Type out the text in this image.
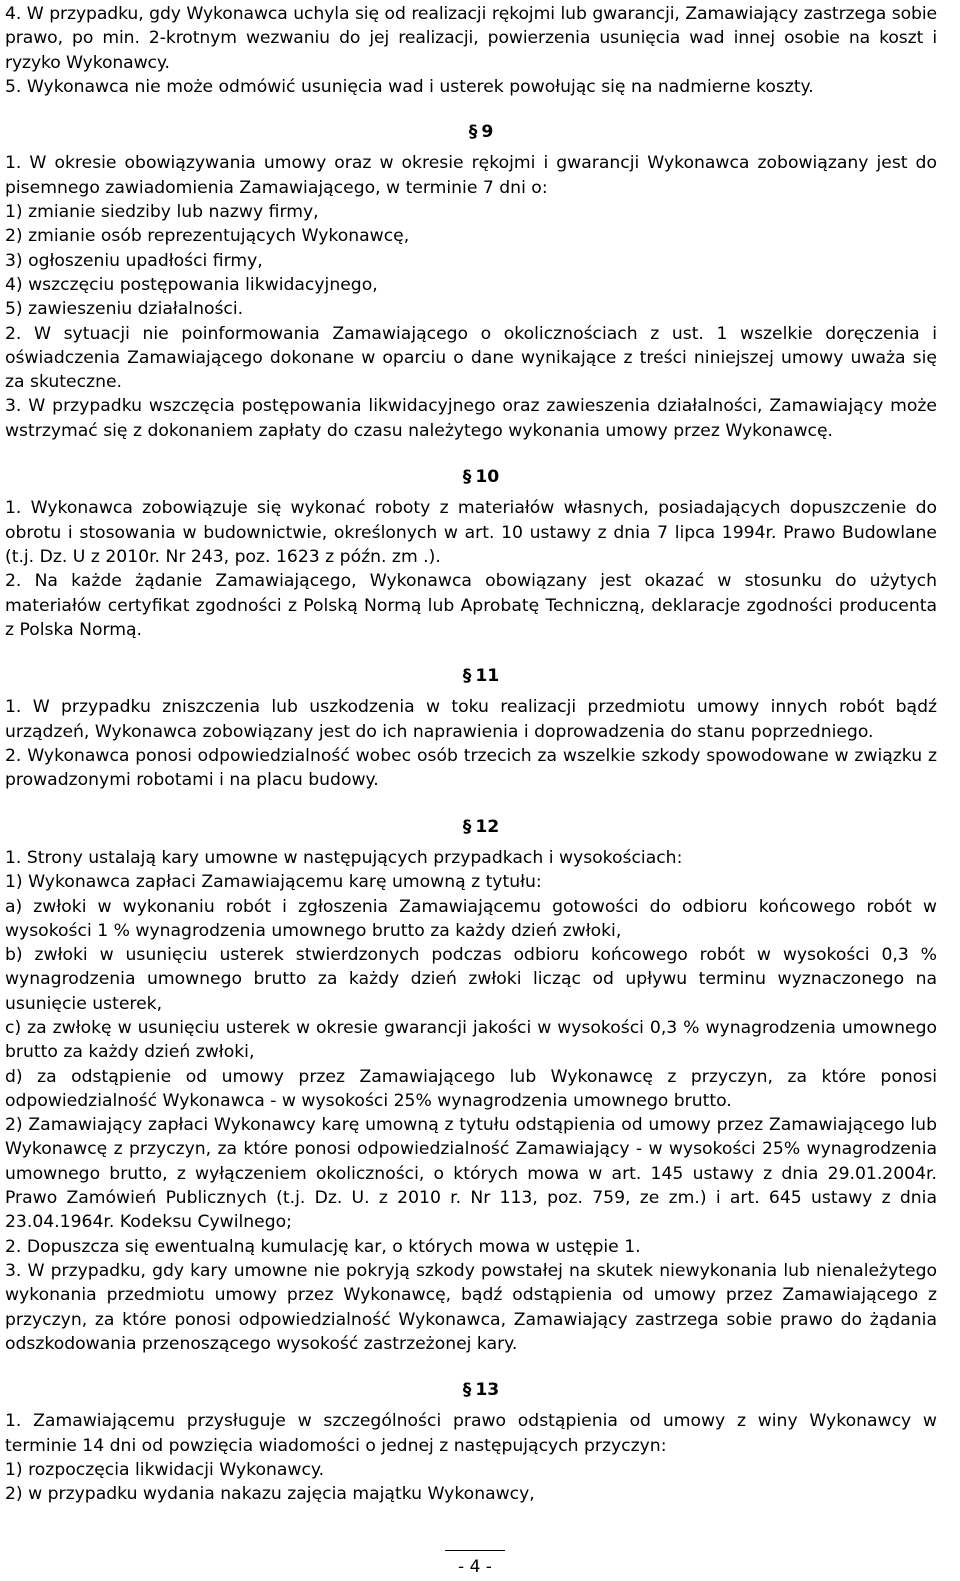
4. W przypadku, gdy Wykonawca uchyla się od realizacji rękojmi lub gwarancji, Zamawiający zastrzega sobie prawo, po min. 2-krotnym wezwaniu do jej realizacji, powierzenia usunięcia wad innej osobie na koszt i ryzyko Wykonawcy.

5. Wykonawca nie może odmówić usunięcia wad i usterek powołując się na nadmierne koszty.

§ 9

1. W okresie obowiązywania umowy oraz w okresie rękojmi i gwarancji Wykonawca zobowiązany jest do pisemnego zawiadomienia Zamawiającego, w terminie 7 dni o:

1) zmianie siedziby lub nazwy firmy,

2) zmianie osób reprezentujących Wykonawcę,

3) ogłoszeniu upadłości firmy,

4) wszczęciu postępowania likwidacyjnego,

5) zawieszeniu działalności.

2. W sytuacji nie poinformowania Zamawiającego o okolicznościach z ust. 1 wszelkie doręczenia i oświadczenia Zamawiającego dokonane w oparciu o dane wynikające z treści niniejszej umowy uważa się za skuteczne.

3. W przypadku wszczęcia postępowania likwidacyjnego oraz zawieszenia działalności, Zamawiający może wstrzymać się z dokonaniem zapłaty do czasu należytego wykonania umowy przez Wykonawcę.

§ 10

1. Wykonawca zobowiązuje się wykonać roboty z materiałów własnych, posiadających dopuszczenie do obrotu i stosowania w budownictwie, określonych w art. 10 ustawy z dnia 7 lipca 1994r. Prawo Budowlane (t.j. Dz. U z 2010r. Nr 243, poz. 1623 z późn. zm .).

2. Na każde żądanie Zamawiającego, Wykonawca obowiązany jest okazać w stosunku do użytych materiałów certyfikat zgodności z Polską Normą lub Aprobatę Techniczną, deklaracje zgodności producenta z Polska Normą.

§ 11

1. W przypadku zniszczenia lub uszkodzenia w toku realizacji przedmiotu umowy innych robót bądź urządzeń, Wykonawca zobowiązany jest do ich naprawienia i doprowadzenia do stanu poprzedniego.

2. Wykonawca ponosi odpowiedzialność wobec osób trzecich za wszelkie szkody spowodowane w związku z prowadzonymi robotami i na placu budowy.

§ 12

1. Strony ustalają kary umowne w następujących przypadkach i wysokościach:

1) Wykonawca zapłaci Zamawiającemu karę umowną z tytułu:

a) zwłoki w wykonaniu robót i zgłoszenia Zamawiającemu gotowości do odbioru końcowego robót w wysokości 1 % wynagrodzenia umownego brutto za każdy dzień zwłoki,

b) zwłoki w usunięciu usterek stwierdzonych podczas odbioru końcowego robót w wysokości 0,3 % wynagrodzenia umownego brutto za każdy dzień zwłoki licząc od upływu terminu wyznaczonego na usunięcie usterek,

c) za zwłokę w usunięciu usterek w okresie gwarancji jakości w wysokości 0,3 % wynagrodzenia umownego brutto za każdy dzień zwłoki,

d) za odstąpienie od umowy przez Zamawiającego lub Wykonawcę z przyczyn, za które ponosi odpowiedzialność Wykonawca - w wysokości 25% wynagrodzenia umownego brutto.

2) Zamawiający zapłaci Wykonawcy karę umowną z tytułu odstąpienia od umowy przez Zamawiającego lub Wykonawcę z przyczyn, za które ponosi odpowiedzialność Zamawiający - w wysokości 25% wynagrodzenia umownego brutto, z wyłączeniem okoliczności, o których mowa w art. 145 ustawy z dnia 29.01.2004r. Prawo Zamówień Publicznych (t.j. Dz. U. z 2010 r. Nr 113, poz. 759, ze zm.) i art. 645 ustawy z dnia 23.04.1964r. Kodeksu Cywilnego;

2. Dopuszcza się ewentualną kumulację kar, o których mowa w ustępie 1.

3. W przypadku, gdy kary umowne nie pokryją szkody powstałej na skutek niewykonania lub nienależytego wykonania przedmiotu umowy przez Wykonawcę, bądź odstąpienia od umowy przez Zamawiającego z przyczyn, za które ponosi odpowiedzialność Wykonawca, Zamawiający zastrzega sobie prawo do żądania odszkodowania przenoszącego wysokość zastrzeżonej kary.

§ 13

1. Zamawiającemu przysługuje w szczególności prawo odstąpienia od umowy z winy Wykonawcy w terminie 14 dni od powzięcia wiadomości o jednej z następujących przyczyn:

1) rozpoczęcia likwidacji Wykonawcy.

2) w przypadku wydania nakazu zajęcia majątku Wykonawcy,

- 4 -
